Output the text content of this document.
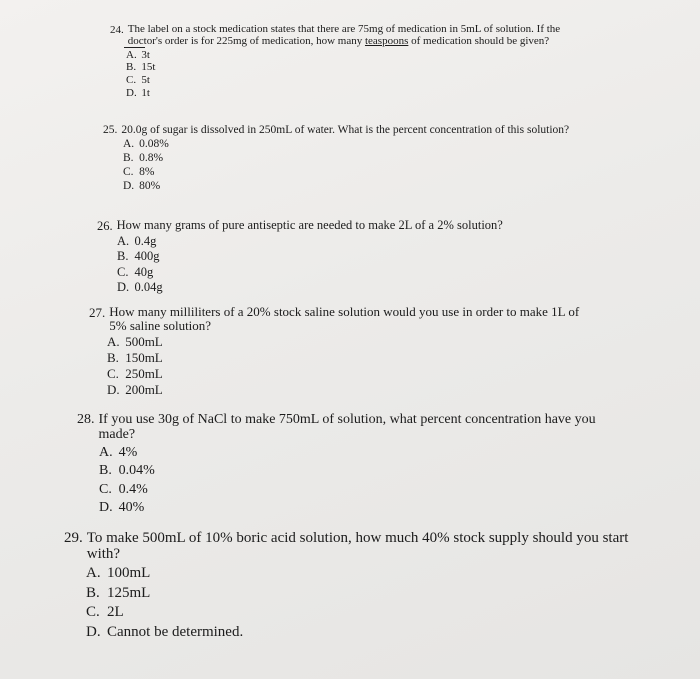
24. The label on a stock medication states that there are 75mg of medication in 5mL of solution. If the doctor's order is for 225mg of medication, how many teaspoons of medication should be given?
A. 3t
B. 15t
C. 5t
D. 1t
25. 20.0g of sugar is dissolved in 250mL of water. What is the percent concentration of this solution?
A. 0.08%
B. 0.8%
C. 8%
D. 80%
26. How many grams of pure antiseptic are needed to make 2L of a 2% solution?
A. 0.4g
B. 400g
C. 40g
D. 0.04g
27. How many milliliters of a 20% stock saline solution would you use in order to make 1L of 5% saline solution?
A. 500mL
B. 150mL
C. 250mL
D. 200mL
28. If you use 30g of NaCl to make 750mL of solution, what percent concentration have you made?
A. 4%
B. 0.04%
C. 0.4%
D. 40%
29. To make 500mL of 10% boric acid solution, how much 40% stock supply should you start with?
A. 100mL
B. 125mL
C. 2L
D. Cannot be determined.
